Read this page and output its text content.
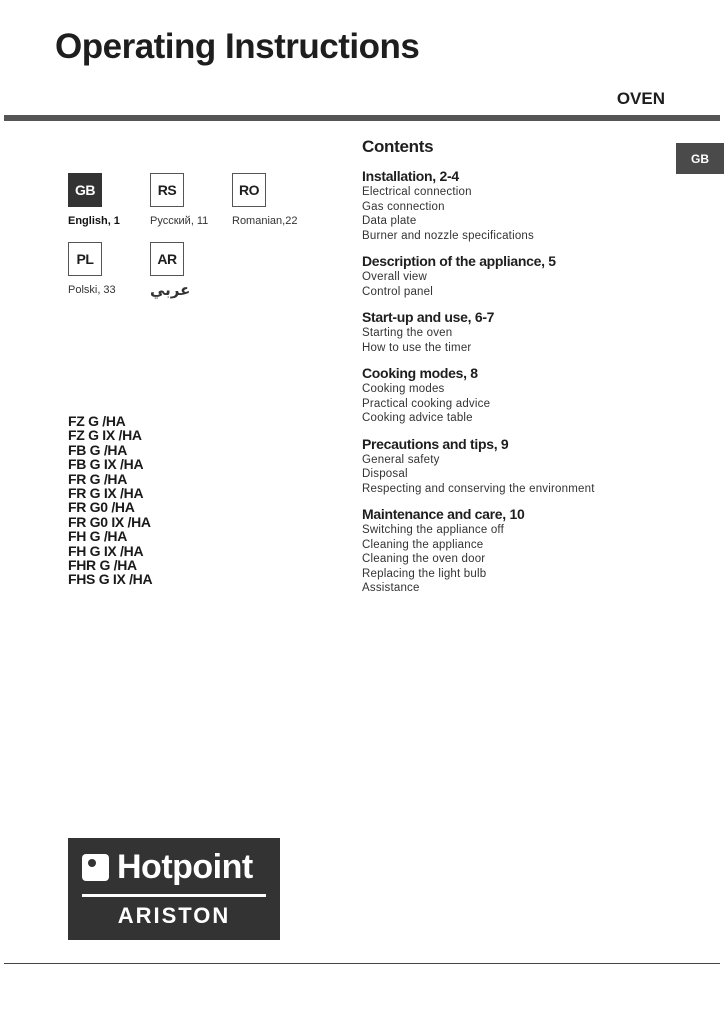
Operating Instructions
OVEN
GB
GB	RS	RO
PL	AR
English, 1	Русский, 11 Romanian,22
Polski, 33 عربي
FZ G /HA
FZ G IX /HA
FB G /HA
FB G IX /HA
FR G /HA
FR G IX /HA
FR G0 /HA
FR G0 IX /HA
FH G /HA
FH G IX /HA
FHR G /HA
FHS G IX /HA
Contents
Installation, 2-4
Electrical connection
Gas connection
Data plate
Burner and nozzle specifications
Description of the appliance, 5
Overall view
Control panel
Start-up and use, 6-7
Starting the oven
How to use the timer
Cooking modes, 8
Cooking modes
Practical cooking advice
Cooking advice table
Precautions and tips, 9
General safety
Disposal
Respecting and conserving the environment
Maintenance and care, 10
Switching the appliance off
Cleaning the appliance
Cleaning the oven door
Replacing the light bulb
Assistance
Hotpoint
ARISTON
